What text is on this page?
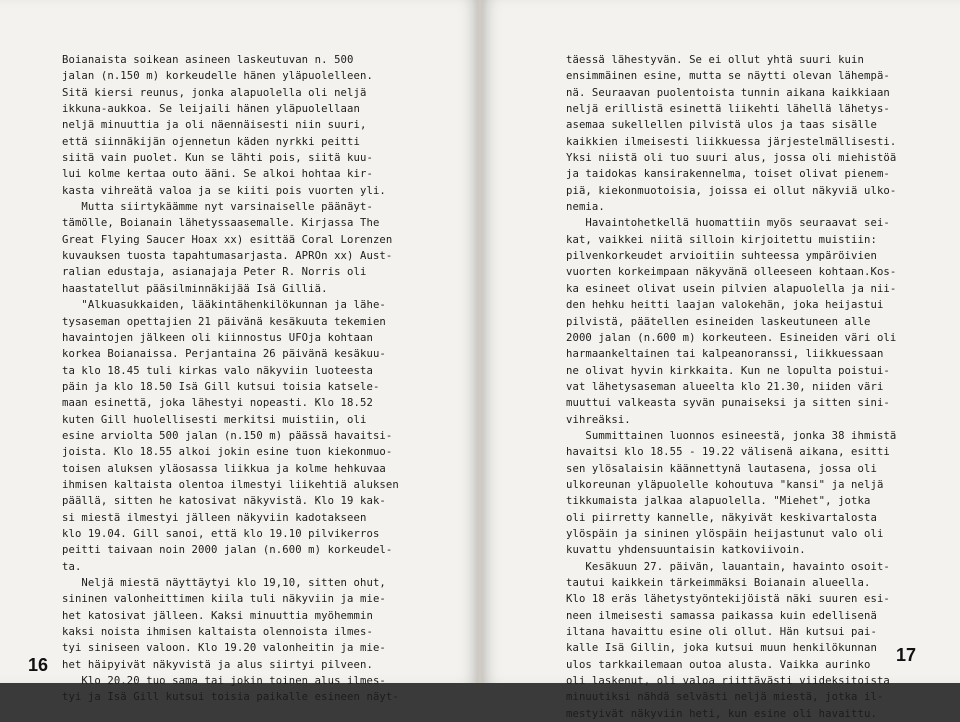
Boianaista soikean asineen laskeutuvan n. 500
jalan (n.150 m) korkeudelle hänen yläpuolelleen.
Sitä kiersi reunus, jonka alapuolella oli neljä
ikkuna-aukkoa. Se leijaili hänen yläpuolellaan
neljä minuuttia ja oli näennäisesti niin suuri,
että siinnäkijän ojennetun käden nyrkki peitti
siitä vain puolet. Kun se lähti pois, siitä kuu-
lui kolme kertaa outo ääni. Se alkoi hohtaa kir-
kasta vihreätä valoa ja se kiiti pois vuorten yli.
Mutta siirtykäämme nyt varsinaiselle päänäyt-
tämölle, Boianain lähetyssaasemalle. Kirjassa The
Great Flying Saucer Hoax xx) esittää Coral Lorenzen
kuvauksen tuosta tapahtumasarjasta. APROn xx) Aust-
ralian edustaja, asianajaja Peter R. Norris oli
haastatellut pääsilminnäkijää Isä Gilliä.
"Alkuasukkaiden, lääkintähenkilökunnan ja lähe-
tysaseman opettajien 21 päivänä kesäkuuta tekemien
havaintojen jälkeen oli kiinnostus UFOja kohtaan
korkea Boianaissa. Perjantaina 26 päivänä kesäkuu-
ta klo 18.45 tuli kirkas valo näkyviin luoteesta
päin ja klo 18.50 Isä Gill kutsui toisia katsele-
maan esinettä, joka lähestyi nopeasti. Klo 18.52
kuten Gill huolellisesti merkitsi muistiin, oli
esine arviolta 500 jalan (n.150 m) päässä havaitsi-
joista. Klo 18.55 alkoi jokin esine tuon kiekonmuo-
toisen aluksen yläosassa liikkua ja kolme hehkuvaa
ihmisen kaltaista olentoa ilmestyi liikehtiä aluksen
päällä, sitten he katosivat näkyvistä. Klo 19 kak-
si miestä ilmestyi jälleen näkyviin kadotakseen
klo 19.04. Gill sanoi, että klo 19.10 pilvikerros
peitti taivaan noin 2000 jalan (n.600 m) korkeudel-
ta.
Neljä miestä näyttäytyi klo 19,10, sitten ohut,
sininen valonheittimen kiila tuli näkyviin ja mie-
het katosivat jälleen. Kaksi minuuttia myöhemmin
kaksi noista ihmisen kaltaista olennoista ilmes-
tyi siniseen valoon. Klo 19.20 valonheitin ja mie-
het häipyivät näkyvistä ja alus siirtyi pilveen.
Klo 20.20 tuo sama tai jokin toinen alus ilmes-
tyi ja Isä Gill kutsui toisia paikalle esineen näyt-
16
täessä lähestyvän. Se ei ollut yhtä suuri kuin
ensimmäinen esine, mutta se näytti olevan lähempä-
nä. Seuraavan puolentoista tunnin aikana kaikkiaan
neljä erillistä esinettä liikehti lähellä lähetys-
asemaa sukellellen pilvistä ulos ja taas sisälle
kaikkien ilmeisesti liikkuessa järjestelmällisesti.
Yksi niistä oli tuo suuri alus, jossa oli miehistöä
ja taidokas kansirakennelma, toiset olivat pienem-
piä, kiekonmuotoisia, joissa ei ollut näkyviä ulko-
nemia.
Havaintohetkellä huomattiin myös seuraavat sei-
kat, vaikkei niitä silloin kirjoitettu muistiin:
pilvenkorkeudet arvioitiin suhteessa ympäröivien
vuorten korkeimpaan näkyvänä olleeseen kohtaan.Kos-
ka esineet olivat usein pilvien alapuolella ja nii-
den hehku heitti laajan valokehän, joka heijastui
pilvistä, päätellen esineiden laskeutuneen alle
2000 jalan (n.600 m) korkeuteen. Esineiden väri oli
harmaankeltainen tai kalpeanoranssi, liikkuessaan
ne olivat hyvin kirkkaita. Kun ne lopulta poistui-
vat lähetysaseman alueelta klo 21.30, niiden väri
muuttui valkeasta syvän punaiseksi ja sitten sini-
vihreäksi.
Summittainen luonnos esineestä, jonka 38 ihmistä
havaitsi klo 18.55 - 19.22 välisenä aikana, esitti
sen ylösalaisin käännettynä lautasena, jossa oli
ulkoreunan yläpuolelle kohoutuva "kansi" ja neljä
tikkumaista jalkaa alapuolella. "Miehet", jotka
oli piirretty kannelle, näkyivät keskivartalosta
ylöspäin ja sininen ylöspäin heijastunut valo oli
kuvattu yhdensuuntaisin katkoviivoin.
Kesäkuun 27. päivän, lauantain, havainto osoit-
tautui kaikkein tärkeimmäksi Boianain alueella.
Klo 18 eräs lähetystyöntekijöistä näki suuren esi-
neen ilmeisesti samassa paikassa kuin edellisenä
iltana havaittu esine oli ollut. Hän kutsui pai-
kalle Isä Gillin, joka kutsui muun henkilökunnan
ulos tarkkailemaan outoa alusta. Vaikka aurinko
oli laskenut, oli valoa riittävästi viideksitoista
minuutiksi nähdä selvästi neljä miestä, jotka il-
mestyivät näkyviin heti, kun esine oli havaittu.
17
